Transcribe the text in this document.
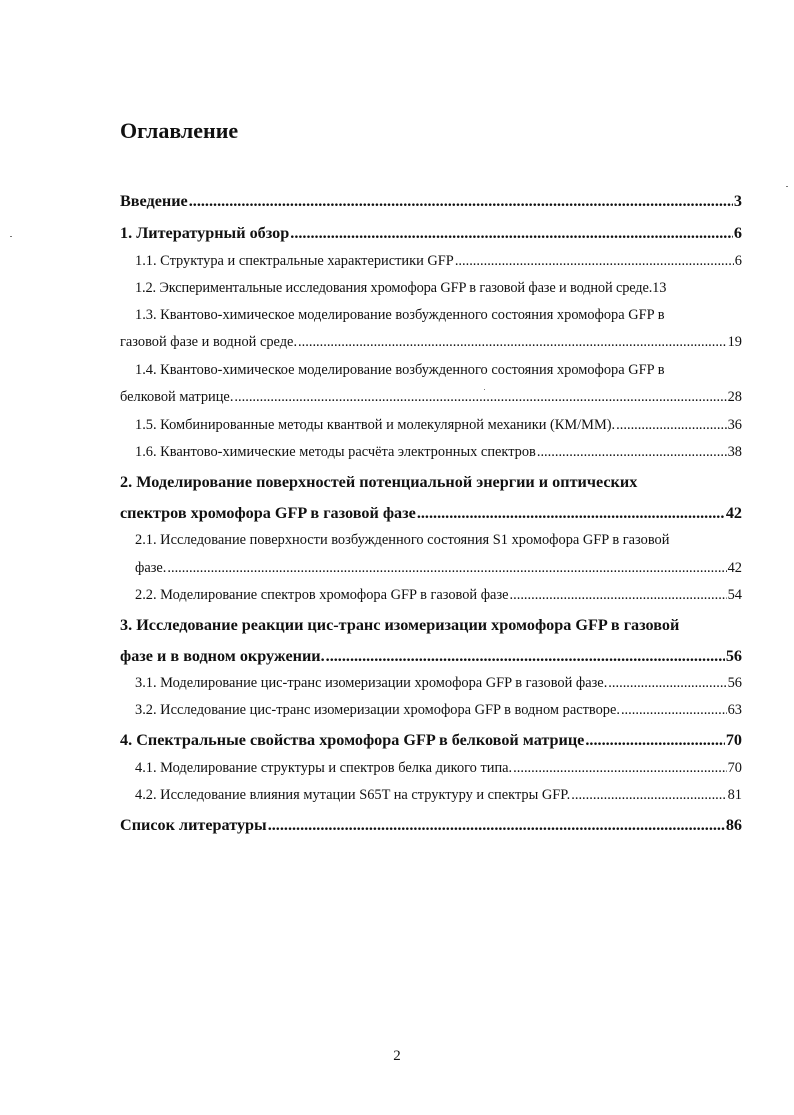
Оглавление
Введение .....	3
1. Литературный обзор .....	6
1.1. Структура и спектральные характеристики GFP .....	6
1.2. Экспериментальные исследования хромофора GFP в газовой фазе и водной среде.13
1.3. Квантово-химическое моделирование возбужденного состояния хромофора GFP в
газовой фазе и водной среде. .....	19
1.4. Квантово-химическое моделирование возбужденного состояния хромофора GFP в
белковой матрице. .....	28
1.5. Комбинированные методы квантвой и молекулярной механики (КМ/ММ). .....	36
1.6. Квантово-химические методы расчёта электронных спектров .....	38
2. Моделирование поверхностей потенциальной энергии и оптических
спектров хромофора GFP в газовой фазе .....	42
2.1. Исследование поверхности возбужденного состояния S1 хромофора GFP в газовой
фазе. .....	42
2.2. Моделирование спектров хромофора GFP в газовой фазе .....	54
3. Исследование реакции цис-транс изомеризации хромофора GFP в газовой
фазе и в водном окружении. .....	56
3.1. Моделирование цис-транс изомеризации хромофора GFP в газовой фазе. .....	56
3.2. Исследование цис-транс изомеризации хромофора GFP в водном растворе. .....	63
4. Спектральные свойства хромофора GFP в белковой матрице .....	70
4.1. Моделирование структуры и спектров белка дикого типа. .....	70
4.2. Исследование влияния мутации S65T на структуру и спектры GFP. .....	81
Список литературы .....	86
2
